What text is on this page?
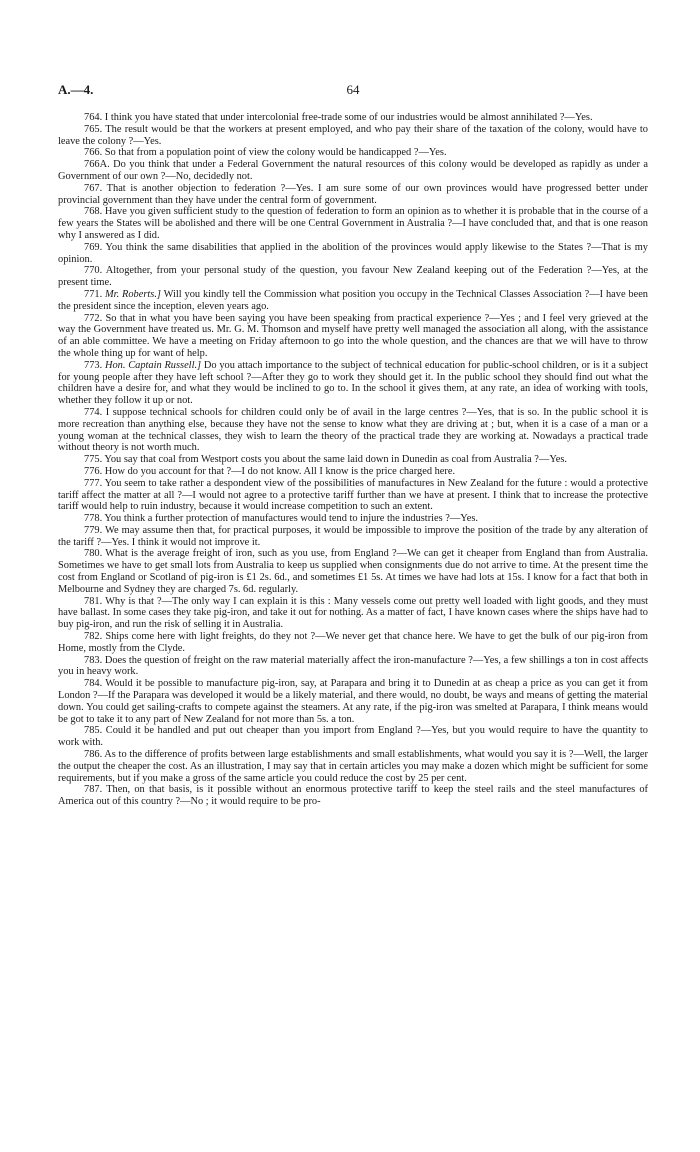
A.—4.	64

764. I think you have stated that under intercolonial free-trade some of our industries would be almost annihilated ?—Yes.

765. The result would be that the workers at present employed, and who pay their share of the taxation of the colony, would have to leave the colony ?—Yes.

766. So that from a population point of view the colony would be handicapped ?—Yes.

766A. Do you think that under a Federal Government the natural resources of this colony would be developed as rapidly as under a Government of our own ?—No, decidedly not.

767. That is another objection to federation ?—Yes. I am sure some of our own provinces would have progressed better under provincial government than they have under the central form of government.

768. Have you given sufficient study to the question of federation to form an opinion as to whether it is probable that in the course of a few years the States will be abolished and there will be one Central Government in Australia ?—I have concluded that, and that is one reason why I answered as I did.

769. You think the same disabilities that applied in the abolition of the provinces would apply likewise to the States ?—That is my opinion.

770. Altogether, from your personal study of the question, you favour New Zealand keeping out of the Federation ?—Yes, at the present time.

771. Mr. Roberts.] Will you kindly tell the Commission what position you occupy in the Technical Classes Association ?—I have been the president since the inception, eleven years ago.

772. So that in what you have been saying you have been speaking from practical experience ?—Yes ; and I feel very grieved at the way the Government have treated us. Mr. G. M. Thomson and myself have pretty well managed the association all along, with the assistance of an able committee. We have a meeting on Friday afternoon to go into the whole question, and the chances are that we will have to throw the whole thing up for want of help.

773. Hon. Captain Russell.] Do you attach importance to the subject of technical education for public-school children, or is it a subject for young people after they have left school ?—After they go to work they should get it. In the public school they should find out what the children have a desire for, and what they would be inclined to go to. In the school it gives them, at any rate, an idea of working with tools, whether they follow it up or not.

774. I suppose technical schools for children could only be of avail in the large centres ?—Yes, that is so. In the public school it is more recreation than anything else, because they have not the sense to know what they are driving at ; but, when it is a case of a man or a young woman at the technical classes, they wish to learn the theory of the practical trade they are working at. Nowadays a practical trade without theory is not worth much.

775. You say that coal from Westport costs you about the same laid down in Dunedin as coal from Australia ?—Yes.

776. How do you account for that ?—I do not know. All I know is the price charged here.

777. You seem to take rather a despondent view of the possibilities of manufactures in New Zealand for the future : would a protective tariff affect the matter at all ?—I would not agree to a protective tariff further than we have at present. I think that to increase the protective tariff would help to ruin industry, because it would increase competition to such an extent.

778. You think a further protection of manufactures would tend to injure the industries ?—Yes.

779. We may assume then that, for practical purposes, it would be impossible to improve the position of the trade by any alteration of the tariff ?—Yes. I think it would not improve it.

780. What is the average freight of iron, such as you use, from England ?—We can get it cheaper from England than from Australia. Sometimes we have to get small lots from Australia to keep us supplied when consignments due do not arrive to time. At the present time the cost from England or Scotland of pig-iron is £1 2s. 6d., and sometimes £1 5s. At times we have had lots at 15s. I know for a fact that both in Melbourne and Sydney they are charged 7s. 6d. regularly.

781. Why is that ?—The only way I can explain it is this : Many vessels come out pretty well loaded with light goods, and they must have ballast. In some cases they take pig-iron, and take it out for nothing. As a matter of fact, I have known cases where the ships have had to buy pig-iron, and run the risk of selling it in Australia.

782. Ships come here with light freights, do they not ?—We never get that chance here. We have to get the bulk of our pig-iron from Home, mostly from the Clyde.

783. Does the question of freight on the raw material materially affect the iron-manufacture ?—Yes, a few shillings a ton in cost affects you in heavy work.

784. Would it be possible to manufacture pig-iron, say, at Parapara and bring it to Dunedin at as cheap a price as you can get it from London ?—If the Parapara was developed it would be a likely material, and there would, no doubt, be ways and means of getting the material down. You could get sailing-crafts to compete against the steamers. At any rate, if the pig-iron was smelted at Parapara, I think means would be got to take it to any part of New Zealand for not more than 5s. a ton.

785. Could it be handled and put out cheaper than you import from England ?—Yes, but you would require to have the quantity to work with.

786. As to the difference of profits between large establishments and small establishments, what would you say it is ?—Well, the larger the output the cheaper the cost. As an illustration, I may say that in certain articles you may make a dozen which might be sufficient for some requirements, but if you make a gross of the same article you could reduce the cost by 25 per cent.

787. Then, on that basis, is it possible without an enormous protective tariff to keep the steel rails and the steel manufactures of America out of this country ?—No ; it would require to be pro-
